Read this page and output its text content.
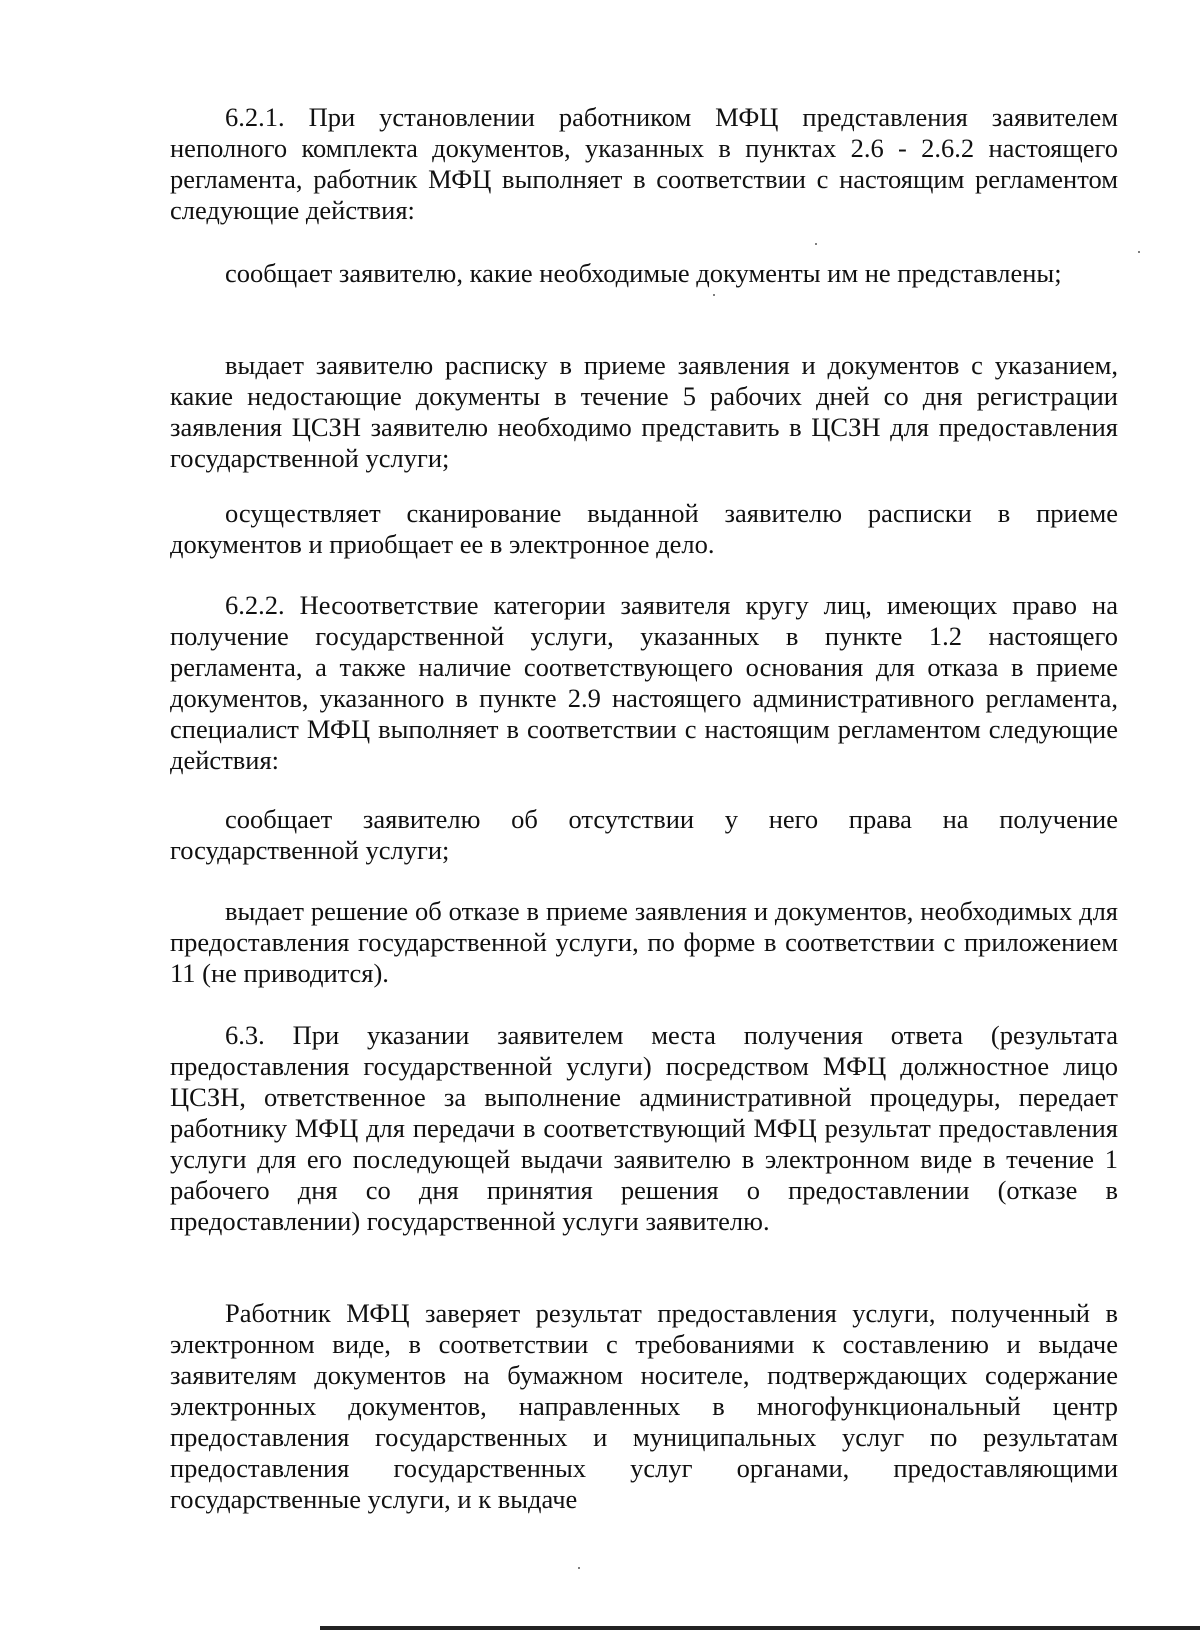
6.2.1. При установлении работником МФЦ представления заявителем неполного комплекта документов, указанных в пунктах 2.6 - 2.6.2 настоящего регламента, работник МФЦ выполняет в соответствии с настоящим регламентом следующие действия:

сообщает заявителю, какие необходимые документы им не представлены;

выдает заявителю расписку в приеме заявления и документов с указанием, какие недостающие документы в течение 5 рабочих дней со дня регистрации заявления ЦСЗН заявителю необходимо представить в ЦСЗН для предоставления государственной услуги;

осуществляет сканирование выданной заявителю расписки в приеме документов и приобщает ее в электронное дело.

6.2.2. Несоответствие категории заявителя кругу лиц, имеющих право на получение государственной услуги, указанных в пункте 1.2 настоящего регламента, а также наличие соответствующего основания для отказа в приеме документов, указанного в пункте 2.9 настоящего административного регламента, специалист МФЦ выполняет в соответствии с настоящим регламентом следующие действия:

сообщает заявителю об отсутствии у него права на получение государственной услуги;

выдает решение об отказе в приеме заявления и документов, необходимых для предоставления государственной услуги, по форме в соответствии с приложением 11 (не приводится).

6.3. При указании заявителем места получения ответа (результата предоставления государственной услуги) посредством МФЦ должностное лицо ЦСЗН, ответственное за выполнение административной процедуры, передает работнику МФЦ для передачи в соответствующий МФЦ результат предоставления услуги для его последующей выдачи заявителю в электронном виде в течение 1 рабочего дня со дня принятия решения о предоставлении (отказе в предоставлении) государственной услуги заявителю.

Работник МФЦ заверяет результат предоставления услуги, полученный в электронном виде, в соответствии с требованиями к составлению и выдаче заявителям документов на бумажном носителе, подтверждающих содержание электронных документов, направленных в многофункциональный центр предоставления государственных и муниципальных услуг по результатам предоставления государственных услуг органами, предоставляющими государственные услуги, и к выдаче
